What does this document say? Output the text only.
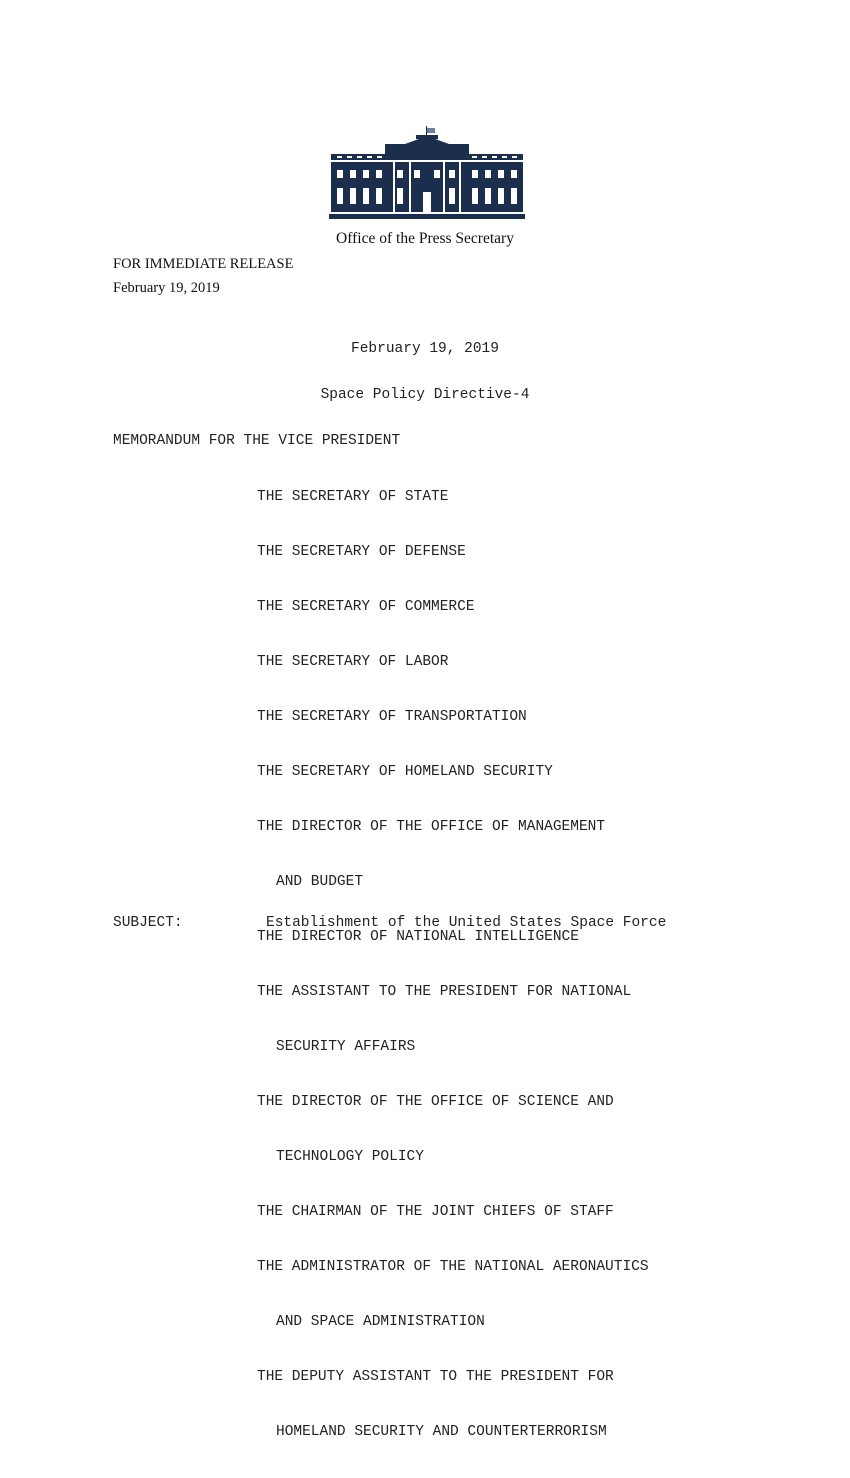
Office of the Press Secretary
FOR IMMEDIATE RELEASE
February 19, 2019
February 19, 2019
Space Policy Directive-4
MEMORANDUM FOR THE VICE PRESIDENT

THE SECRETARY OF STATE

THE SECRETARY OF DEFENSE

THE SECRETARY OF COMMERCE

THE SECRETARY OF LABOR

THE SECRETARY OF TRANSPORTATION

THE SECRETARY OF HOMELAND SECURITY

THE DIRECTOR OF THE OFFICE OF MANAGEMENT

AND BUDGET

THE DIRECTOR OF NATIONAL INTELLIGENCE

THE ASSISTANT TO THE PRESIDENT FOR NATIONAL

SECURITY AFFAIRS

THE DIRECTOR OF THE OFFICE OF SCIENCE AND

TECHNOLOGY POLICY

THE CHAIRMAN OF THE JOINT CHIEFS OF STAFF

THE ADMINISTRATOR OF THE NATIONAL AERONAUTICS

AND SPACE ADMINISTRATION

THE DEPUTY ASSISTANT TO THE PRESIDENT FOR

HOMELAND SECURITY AND COUNTERTERRORISM

SUBJECT:	Establishment of the United States Space Force
